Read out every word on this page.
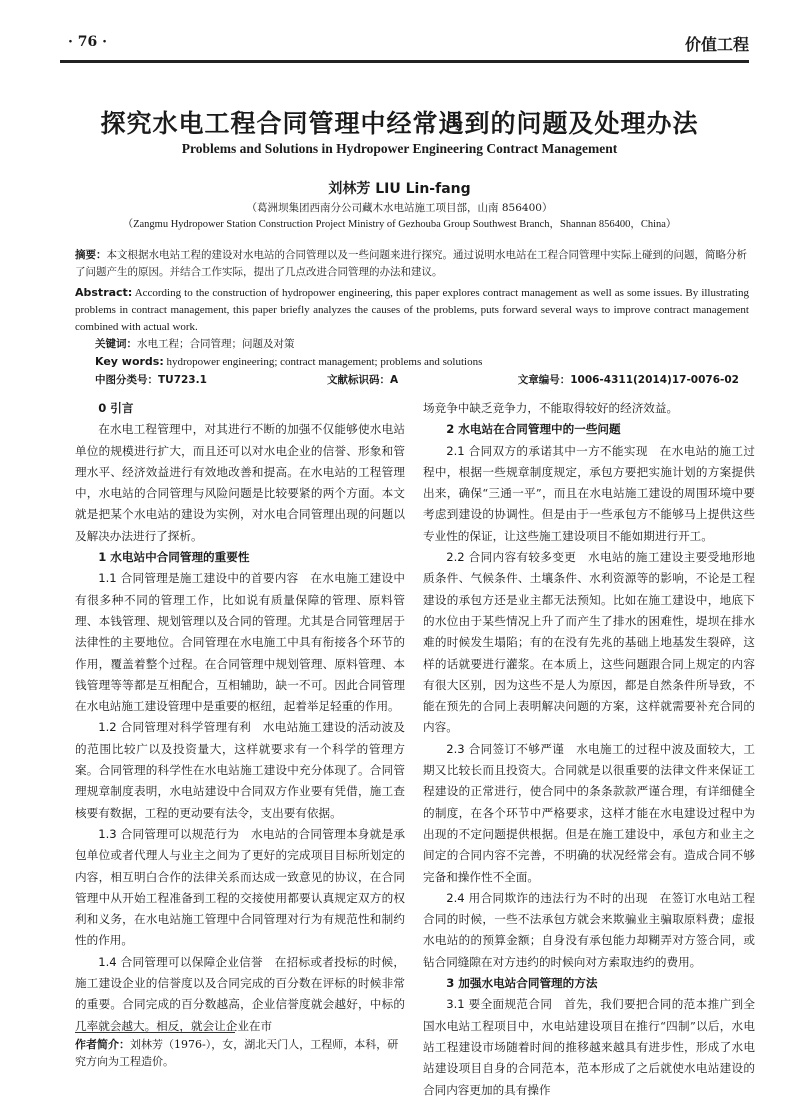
· 76 ·	价值工程
探究水电工程合同管理中经常遇到的问题及处理办法
Problems and Solutions in Hydropower Engineering Contract Management
刘林芳 LIU Lin-fang
（葛洲坝集团西南分公司藏木水电站施工项目部，山南 856400）
（Zangmu Hydropower Station Construction Project Ministry of Gezhouba Group Southwest Branch，Shannan 856400，China）
摘要：本文根据水电站工程的建设对水电站的合同管理以及一些问题来进行探究。通过说明水电站在工程合同管理中实际上碰到的问题，简略分析了问题产生的原因。并结合工作实际，提出了几点改进合同管理的办法和建议。
Abstract: According to the construction of hydropower engineering, this paper explores contract management as well as some issues. By illustrating problems in contract management, this paper briefly analyzes the causes of the problems, puts forward several ways to improve contract management combined with actual work.
关键词：水电工程；合同管理；问题及对策
Key words: hydropower engineering; contract management; problems and solutions
中图分类号：TU723.1	文献标识码：A	文章编号：1006-4311(2014)17-0076-02

0 引言

在水电工程管理中，对其进行不断的加强不仅能够使水电站单位的规模进行扩大，而且还可以对水电企业的信誉、形象和管理水平、经济效益进行有效地改善和提高。在水电站的工程管理中，水电站的合同管理与风险问题是比较要紧的两个方面。本文就是把某个水电站的建设为实例，对水电合同管理出现的问题以及解决办法进行了探析。

1 水电站中合同管理的重要性

1.1 合同管理是施工建设中的首要内容　 在水电施工建设中有很多种不同的管理工作，比如说有质量保障的管理、原料管理、本钱管理、规划管理以及合同的管理。尤其是合同管理居于法律性的主要地位。合同管理在水电施工中具有衔接各个环节的作用，覆盖着整个过程。在合同管理中规划管理、原料管理、本钱管理等等都是互相配合，互相辅助，缺一不可。因此合同管理在水电站施工建设管理中是重要的枢纽，起着举足轻重的作用。

1.2 合同管理对科学管理有利　 水电站施工建设的活动波及的范围比较广以及投资量大，这样就要求有一个科学的管理方案。合同管理的科学性在水电站施工建设中充分体现了。合同管理规章制度表明，水电站建设中合同双方作业要有凭借，施工查核要有数据，工程的更动要有法令，支出要有依据。

1.3 合同管理可以规范行为　 水电站的合同管理本身就是承包单位或者代理人与业主之间为了更好的完成项目目标所划定的内容，相互明白合作的法律关系而达成一致意见的协议，在合同管理中从开始工程准备到工程的交接使用都要认真规定双方的权利和义务，在水电站施工管理中合同管理对行为有规范性和制约性的作用。

1.4 合同管理可以保障企业信誉　 在招标或者投标的时候，施工建设企业的信誉度以及合同完成的百分数在评标的时候非常的重要。合同完成的百分数越高，企业信誉度就会越好，中标的几率就会越大。相反，就会让企业在市

场竞争中缺乏竞争力，不能取得较好的经济效益。

2 水电站在合同管理中的一些问题

2.1 合同双方的承诺其中一方不能实现　 在水电站的施工过程中，根据一些规章制度规定，承包方要把实施计划的方案提供出来，确保“三通一平”，而且在水电站施工建设的周围环境中要考虑到建设的协调性。但是由于一些承包方不能够马上提供这些专业性的保证，让这些施工建设项目不能如期进行开工。

2.2 合同内容有较多变更　 水电站的施工建设主要受地形地质条件、气候条件、土壤条件、水利资源等的影响，不论是工程建设的承包方还是业主都无法预知。比如在施工建设中，地底下的水位由于某些情况上升了而产生了排水的困难性，堤坝在排水难的时候发生塌陷；有的在没有先兆的基础上地基发生裂碎，这样的话就要进行灌浆。在本质上，这些问题跟合同上规定的内容有很大区别，因为这些不是人为原因，都是自然条件所导致，不能在预先的合同上表明解决问题的方案，这样就需要补充合同的内容。

2.3 合同签订不够严谨　 水电施工的过程中波及面较大，工期又比较长而且投资大。合同就是以很重要的法律文件来保证工程建设的正常进行，使合同中的条条款款严谨合理，有详细健全的制度，在各个环节中严格要求，这样才能在水电建设过程中为出现的不定问题提供根据。但是在施工建设中，承包方和业主之间定的合同内容不完善，不明确的状况经常会有。造成合同不够完备和操作性不全面。

2.4 用合同欺诈的违法行为不时的出现　 在签订水电站工程合同的时候，一些不法承包方就会来欺骗业主骗取原料费；虚报水电站的的预算金额；自身没有承包能力却糊弄对方签合同，或钻合同缝隙在对方违约的时候向对方索取违约的费用。

3 加强水电站合同管理的方法

3.1 要全面规范合同　 首先，我们要把合同的范本推广到全国水电站工程项目中，水电站建设项目在推行“四制”以后，水电站工程建设市场随着时间的推移越来越具有进步性，形成了水电站建设项目自身的合同范本，范本形成了之后就使水电站建设的合同内容更加的具有操作

作者简介：刘林芳（1976-），女，湖北天门人，工程师，本科，研究方向为工程造价。
